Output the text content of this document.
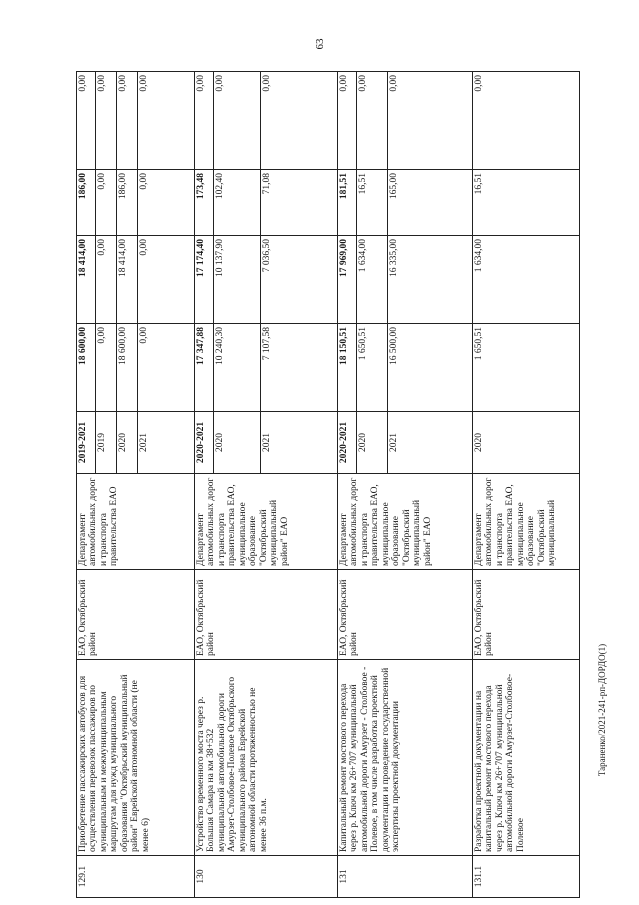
63
Тараненко/2021-241-рп-ДОРДО(1)
129.1	Приобретение пассажирских автобусов для осуществления перевозок пассажиров по муниципальным и межмуниципальным маршрутам для нужд муниципального образования "Октябрьский муниципальный район" Еврейской автономной области (не менее 6)	ЕАО, Октябрьский район	Департамент автомобильных дорог и транспорта правительства ЕАО	2019-2021	18 600,00	18 414,00	186,00	0,00
				2019	0,00	0,00	0,00	0,00
				2020	18 600,00	18 414,00	186,00	0,00
				2021	0,00	0,00	0,00	0,00
130	Устройство временного моста через р. Большая Самара на км 38+532 муниципальной автомобильной дороги Амурзет-Столбовое-Полевое Октябрьского муниципального района Еврейской автономной области протяженностью не менее 36 п.м.	ЕАО, Октябрьский район	Департамент автомобильных дорог и транспорта правительства ЕАО, муниципальное образование "Октябрьский муниципальный район" ЕАО	2020-2021	17 347,88	17 174,40	173,48	0,00
				2020	10 240,30	10 137,90	102,40	0,00
				2021	7 107,58	7 036,50	71,08	0,00
131	Капитальный ремонт мостового перехода через р. Ключ км 26+707 муниципальной автомобильной дороги Амурзет - Столбовое - Полевое, в том числе разработка проектной документации и проведение государственной экспертизы проектной документации	ЕАО, Октябрьский район	Департамент автомобильных дорог и транспорта правительства ЕАО, муниципальное образование "Октябрьский муниципальный район" ЕАО	2020-2021	18 150,51	17 969,00	181,51	0,00
				2020	1 650,51	1 634,00	16,51	0,00
				2021	16 500,00	16 335,00	165,00	0,00
131.1	Разработка проектной документации на капитальный ремонт мостового перехода через р. Ключ км 26+707 муниципальной автомобильной дороги Амурзет-Столбовое-Полевое	ЕАО, Октябрьский район	Департамент автомобильных дорог и транспорта правительства ЕАО, муниципальное образование "Октябрьский муниципальный	2020	1 650,51	1 634,00	16,51	0,00
